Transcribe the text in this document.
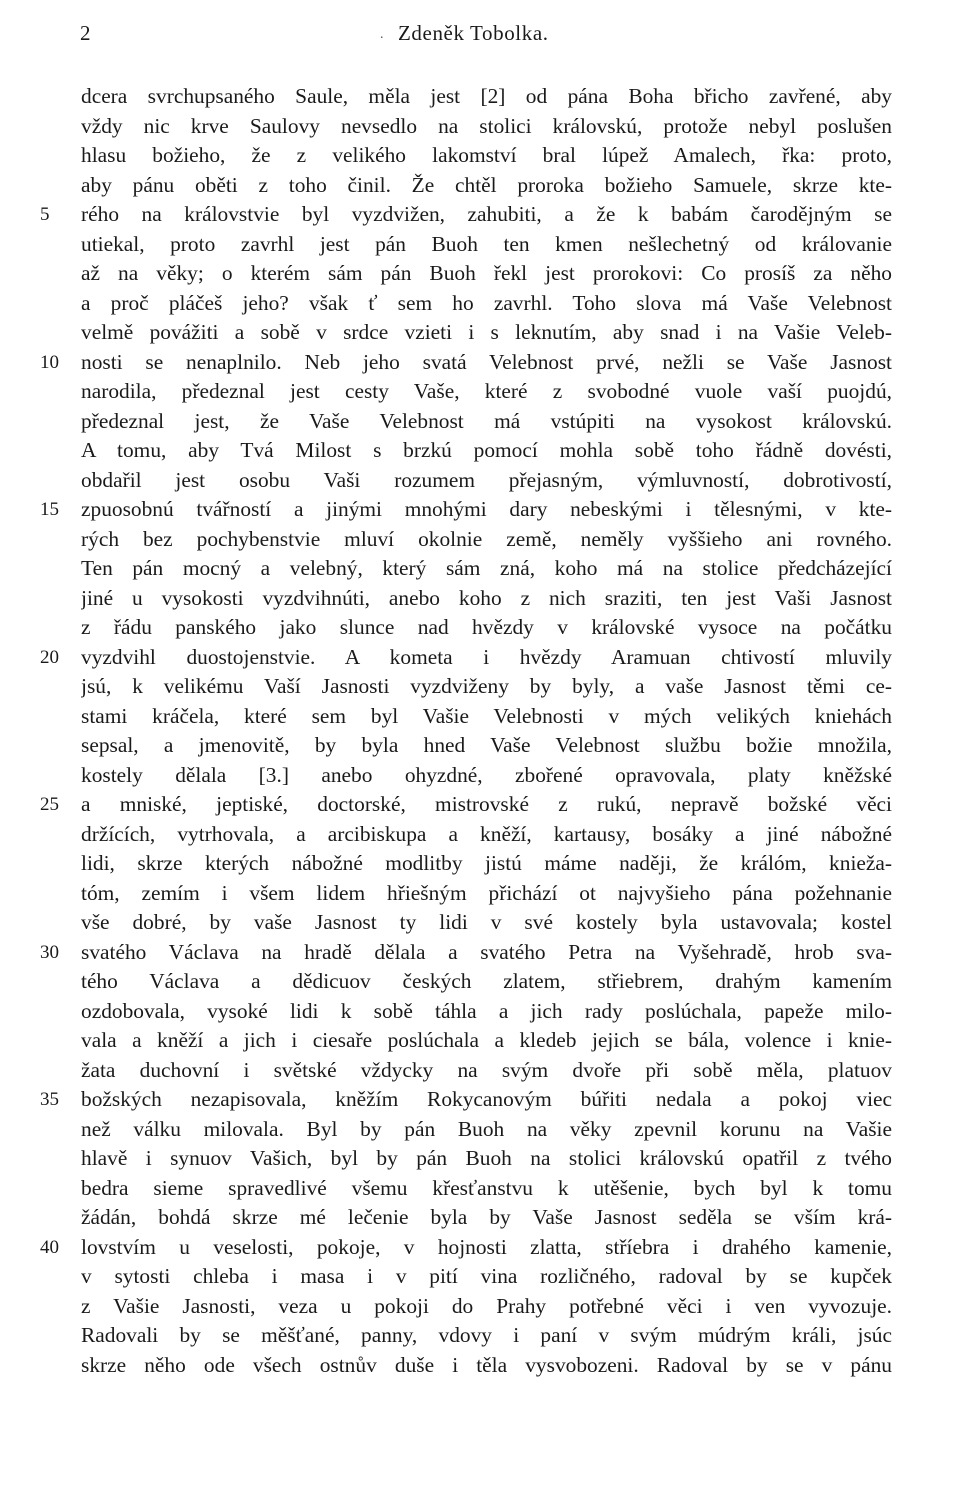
2	. Zdeněk Tobolka.
dcera svrchupsaného Saule, měla jest [2] od pána Boha břicho zavřené, aby
vždy nic krve Saulovy nevsedlo na stolici královskú, protože nebyl poslušen
hlasu božieho, že z velikého lakomství bral lúpež Amalech, řka: proto,
aby pánu oběti z toho činil. Že chtěl proroka božieho Samuele, skrze kte-
5	rého na královstvie byl vyzdvižen, zahubiti, a že k babám čarodějným se
utiekal, proto zavrhl jest pán Buoh ten kmen nešlechetný od královanie
až na věky; o kterém sám pán Buoh řekl jest prorokovi: Co prosíš za něho
a proč pláčeš jeho? však ť sem ho zavrhl. Toho slova má Vaše Velebnost
velmě povážiti a sobě v srdce vzieti i s leknutím, aby snad i na Vašie Veleb-
10	nosti se nenaplnilo. Neb jeho svatá Velebnost prvé, nežli se Vaše Jasnost
narodila, předeznal jest cesty Vaše, které z svobodné vuole vaší puojdú,
předeznal jest, že Vaše Velebnost má vstúpiti na vysokost královskú.
A tomu, aby Tvá Milost s brzkú pomocí mohla sobě toho řádně dovésti,
obdařil jest osobu Vaši rozumem přejasným, výmluvností, dobrotivostí,
15	zpuosobnú tvářností a jinými mnohými dary nebeskými i tělesnými, v kte-
rých bez pochybenstvie mluví okolnie země, neměly vyššieho ani rovného.
Ten pán mocný a velebný, který sám zná, koho má na stolice předcházející
jiné u vysokosti vyzdvihnúti, anebo koho z nich sraziti, ten jest Vaši Jasnost
z řádu panského jako slunce nad hvězdy v královské vysoce na počátku
20	vyzdvihl duostojenstvie. A kometa i hvězdy Aramuan chtivostí mluvily
jsú, k velikému Vaší Jasnosti vyzdviženy by byly, a vaše Jasnost těmi ce-
stami kráčela, které sem byl Vašie Velebnosti v mých velikých kniehách
sepsal, a jmenovitě, by byla hned Vaše Velebnost službu božie množila,
kostely dělala [3.] anebo ohyzdné, zbořené opravovala, platy kněžské
25	a mniské, jeptiské, doctorské, mistrovské z rukú, nepravě božské věci
držících, vytrhovala, a arcibiskupa a kněží, kartausy, bosáky a jiné nábožné
lidi, skrze kterých nábožné modlitby jistú máme naději, že králóm, knieža-
tóm, zemím i všem lidem hřiešným přichází ot najvyšieho pána požehnanie
vše dobré, by vaše Jasnost ty lidi v své kostely byla ustavovala; kostel
30	svatého Václava na hradě dělala a svatého Petra na Vyšehradě, hrob sva-
tého Václava a dědicuov českých zlatem, střiebrem, drahým kamením
ozdobovala, vysoké lidi k sobě táhla a jich rady poslúchala, papeže milo-
vala a kněží a jich i ciesaře poslúchala a kledeb jejich se bála, volence i knie-
žata duchovní i světské vždycky na svým dvoře při sobě měla, platuov
35	božských nezapisovala, kněžím Rokycanovým búřiti nedala a pokoj viec
než válku milovala. Byl by pán Buoh na věky zpevnil korunu na Vašie
hlavě i synuov Vašich, byl by pán Buoh na stolici královskú opatřil z tvého
bedra sieme spravedlivé všemu křesťanstvu k utěšenie, bych byl k tomu
žádán, bohdá skrze mé lečenie byla by Vaše Jasnost seděla se vším krá-
40	lovstvím u veselosti, pokoje, v hojnosti zlatta, stříebra i drahého kamenie,
v sytosti chleba i masa i v pití vina rozličného, radoval by se kupček
z Vašie Jasnosti, veza u pokoji do Prahy potřebné věci i ven vyvozuje.
Radovali by se měšťané, panny, vdovy i paní v svým múdrým králi, jsúc
skrze něho ode všech ostnův duše i těla vysvobozeni. Radoval by se v pánu
